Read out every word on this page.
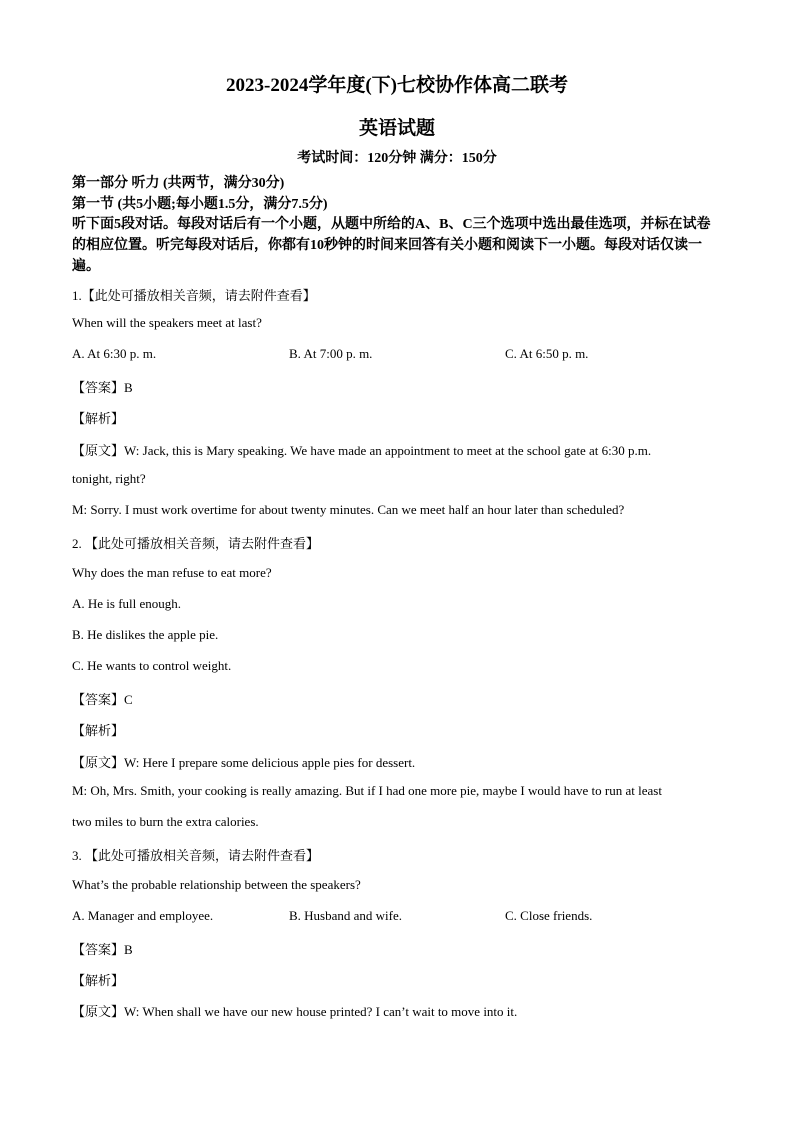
2023-2024学年度(下)七校协作体高二联考
英语试题
考试时间：120分钟 满分：150分
第一部分 听力 (共两节，满分30分)
第一节 (共5小题;每小题1.5分，满分7.5分)
听下面5段对话。每段对话后有一个小题，从题中所给的A、B、C三个选项中选出最佳选项，并标在试卷的相应位置。听完每段对话后，你都有10秒钟的时间来回答有关小题和阅读下一小题。每段对话仅读一遍。
1.【此处可播放相关音频，请去附件查看】
When will the speakers meet at last?
A. At 6:30 p. m.	B. At 7:00 p. m.	C. At 6:50 p. m.
【答案】B
【解析】
【原文】W: Jack, this is Mary speaking. We have made an appointment to meet at the school gate at 6:30 p.m.
tonight, right?
M: Sorry. I must work overtime for about twenty minutes. Can we meet half an hour later than scheduled?
2. 【此处可播放相关音频，请去附件查看】
Why does the man refuse to eat more?
A. He is full enough.
B. He dislikes the apple pie.
C. He wants to control weight.
【答案】C
【解析】
【原文】W: Here I prepare some delicious apple pies for dessert.
M: Oh, Mrs. Smith, your cooking is really amazing. But if I had one more pie, maybe I would have to run at least
two miles to burn the extra calories.
3. 【此处可播放相关音频，请去附件查看】
What’s the probable relationship between the speakers?
A. Manager and employee.	B. Husband and wife.	C. Close friends.
【答案】B
【解析】
【原文】W: When shall we have our new house printed? I can’t wait to move into it.
